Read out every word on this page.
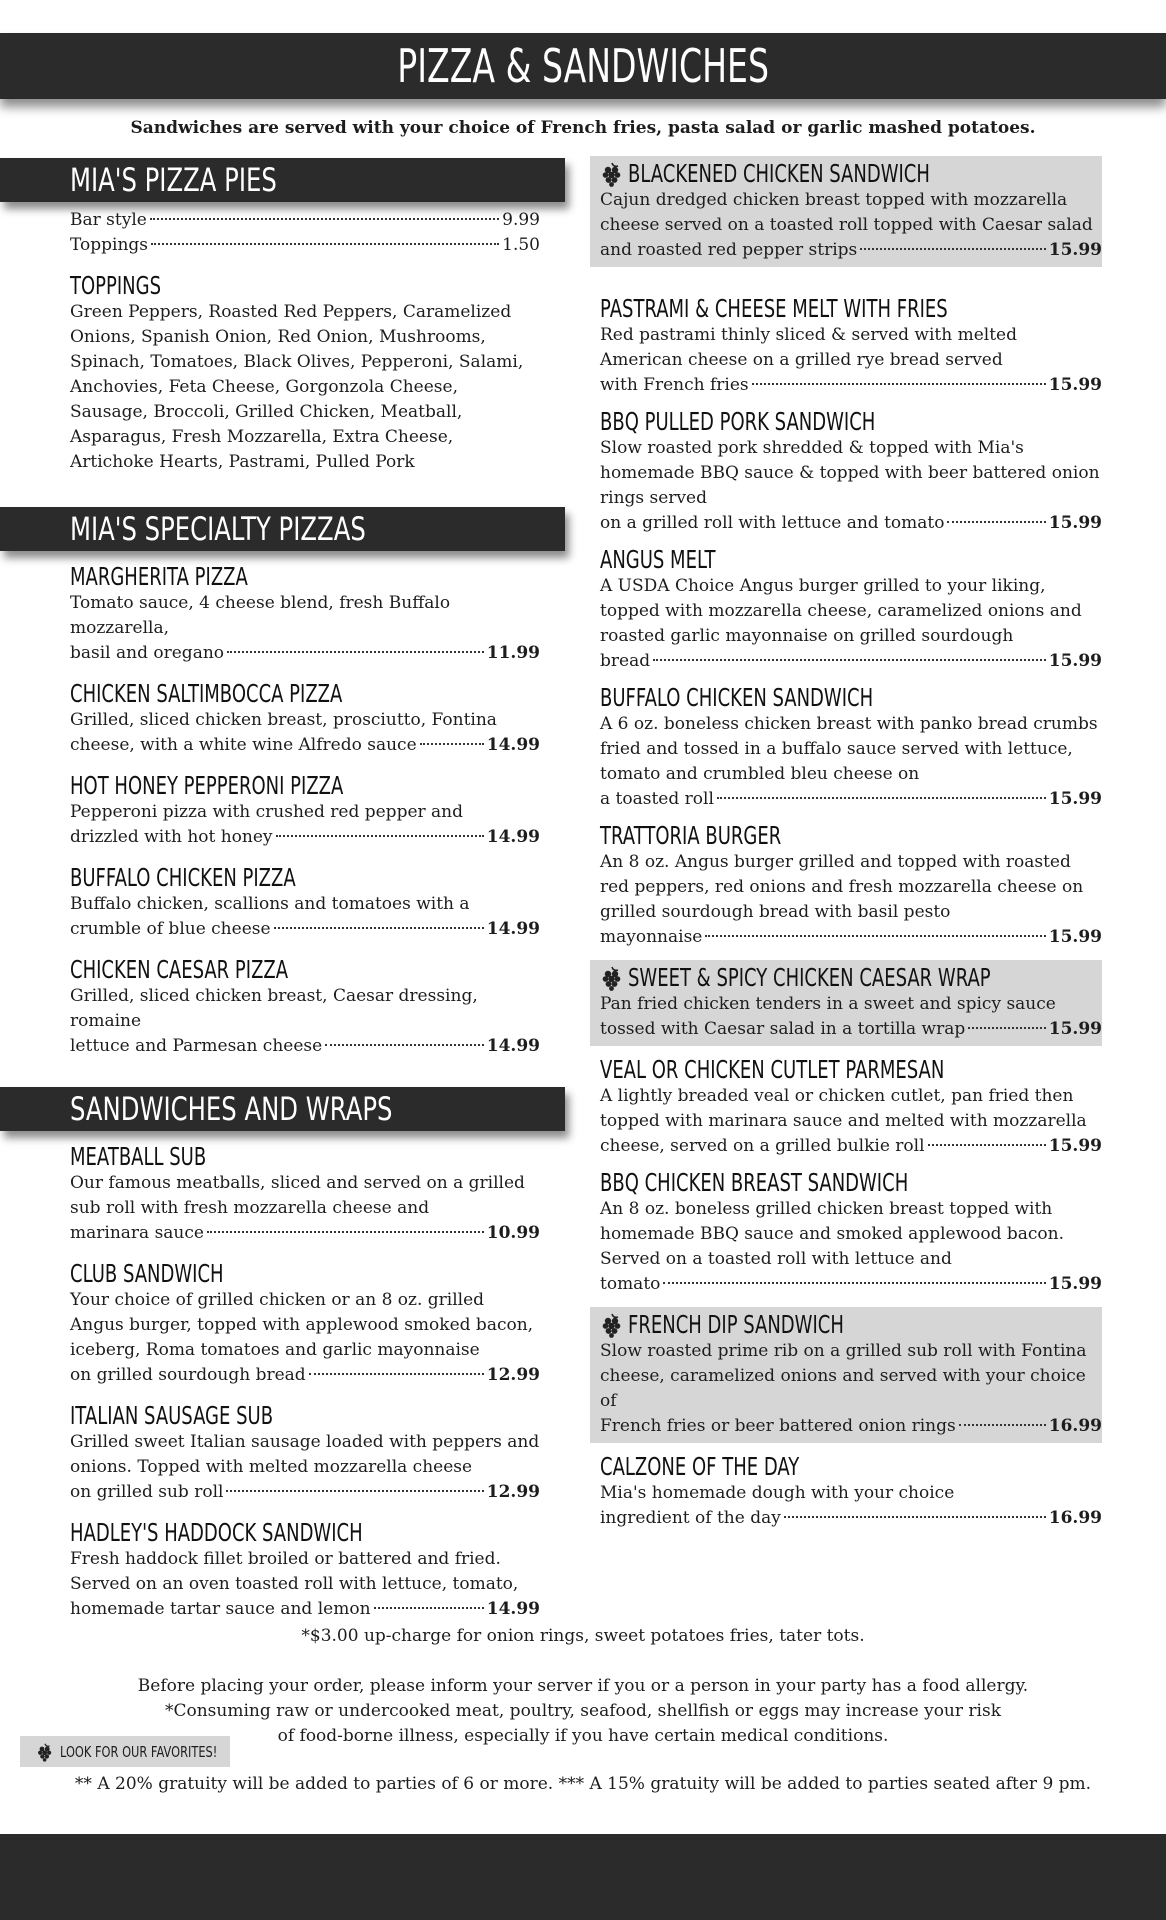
PIZZA & SANDWICHES
Sandwiches are served with your choice of French fries, pasta salad or garlic mashed potatoes.
MIA'S PIZZA PIES
Bar style	9.99
Toppings	1.50
TOPPINGS
Green Peppers, Roasted Red Peppers, Caramelized Onions, Spanish Onion, Red Onion, Mushrooms, Spinach, Tomatoes, Black Olives, Pepperoni, Salami, Anchovies, Feta Cheese, Gorgonzola Cheese, Sausage, Broccoli, Grilled Chicken, Meatball, Asparagus, Fresh Mozzarella, Extra Cheese, Artichoke Hearts, Pastrami, Pulled Pork
MIA'S SPECIALTY PIZZAS
MARGHERITA PIZZA
Tomato sauce, 4 cheese blend, fresh Buffalo mozzarella,
basil and oregano	11.99
CHICKEN SALTIMBOCCA PIZZA
Grilled, sliced chicken breast, prosciutto, Fontina
cheese, with a white wine Alfredo sauce	14.99
HOT HONEY PEPPERONI PIZZA
Pepperoni pizza with crushed red pepper and
drizzled with hot honey	14.99
BUFFALO CHICKEN PIZZA
Buffalo chicken, scallions and tomatoes with a
crumble of blue cheese	14.99
CHICKEN CAESAR PIZZA
Grilled, sliced chicken breast, Caesar dressing, romaine
lettuce and Parmesan cheese	14.99
SANDWICHES AND WRAPS
MEATBALL SUB
Our famous meatballs, sliced and served on a grilled sub roll with fresh mozzarella cheese and
marinara sauce	10.99
CLUB SANDWICH
Your choice of grilled chicken or an 8 oz. grilled Angus burger, topped with applewood smoked bacon, iceberg, Roma tomatoes and garlic mayonnaise
on grilled sourdough bread	12.99
ITALIAN SAUSAGE SUB
Grilled sweet Italian sausage loaded with peppers and onions. Topped with melted mozzarella cheese
on grilled sub roll	12.99
HADLEY'S HADDOCK SANDWICH
Fresh haddock fillet broiled or battered and fried. Served on an oven toasted roll with lettuce, tomato,
homemade tartar sauce and lemon	14.99
BLACKENED CHICKEN SANDWICH
Cajun dredged chicken breast topped with mozzarella cheese served on a toasted roll topped with Caesar salad
and roasted red pepper strips	15.99
PASTRAMI & CHEESE MELT WITH FRIES
Red pastrami thinly sliced & served with melted American cheese on a grilled rye bread served
with French fries	15.99
BBQ PULLED PORK SANDWICH
Slow roasted pork shredded & topped with Mia's homemade BBQ sauce & topped with beer battered onion rings served
on a grilled roll with lettuce and tomato	15.99
ANGUS MELT
A USDA Choice Angus burger grilled to your liking, topped with mozzarella cheese, caramelized onions and roasted garlic mayonnaise on grilled sourdough
bread	15.99
BUFFALO CHICKEN SANDWICH
A 6 oz. boneless chicken breast with panko bread crumbs fried and tossed in a buffalo sauce served with lettuce, tomato and crumbled bleu cheese on
a toasted roll	15.99
TRATTORIA BURGER
An 8 oz. Angus burger grilled and topped with roasted red peppers, red onions and fresh mozzarella cheese on grilled sourdough bread with basil pesto
mayonnaise	15.99
SWEET & SPICY CHICKEN CAESAR WRAP
Pan fried chicken tenders in a sweet and spicy sauce
tossed with Caesar salad in a tortilla wrap	15.99
VEAL OR CHICKEN CUTLET PARMESAN
A lightly breaded veal or chicken cutlet, pan fried then topped with marinara sauce and melted with mozzarella
cheese, served on a grilled bulkie roll	15.99
BBQ CHICKEN BREAST SANDWICH
An 8 oz. boneless grilled chicken breast topped with homemade BBQ sauce and smoked applewood bacon. Served on a toasted roll with lettuce and
tomato	15.99
FRENCH DIP SANDWICH
Slow roasted prime rib on a grilled sub roll with Fontina cheese, caramelized onions and served with your choice of
French fries or beer battered onion rings	16.99
CALZONE OF THE DAY
Mia's homemade dough with your choice
ingredient of the day	16.99
*$3.00 up-charge for onion rings, sweet potatoes fries, tater tots.
Before placing your order, please inform your server if you or a person in your party has a food allergy.
*Consuming raw or undercooked meat, poultry, seafood, shellfish or eggs may increase your risk
of food-borne illness, especially if you have certain medical conditions.
LOOK FOR OUR FAVORITES!
** A 20% gratuity will be added to parties of 6 or more. *** A 15% gratuity will be added to parties seated after 9 pm.
